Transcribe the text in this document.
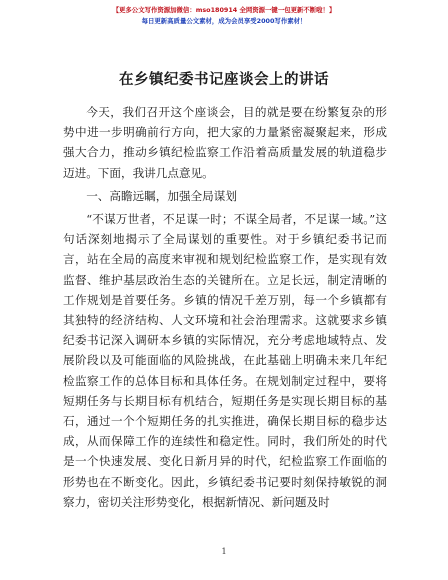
【更多公文写作资源加微信：mso180914 全网资源一键一包更新不断啦！】
每日更新高质量公文素材，成为会员享受2000写作素材！
在乡镇纪委书记座谈会上的讲话

今天，我们召开这个座谈会，目的就是要在纷繁复杂的形势中进一步明确前行方向，把大家的力量紧密凝聚起来，形成强大合力，推动乡镇纪检监察工作沿着高质量发展的轨道稳步迈进。下面，我讲几点意见。

一、高瞻远瞩，加强全局谋划

“不谋万世者，不足谋一时；不谋全局者，不足谋一域。”这句话深刻地揭示了全局谋划的重要性。对于乡镇纪委书记而言，站在全局的高度来审视和规划纪检监察工作，是实现有效监督、维护基层政治生态的关键所在。立足长远，制定清晰的工作规划是首要任务。乡镇的情况千差万别，每一个乡镇都有其独特的经济结构、人文环境和社会治理需求。这就要求乡镇纪委书记深入调研本乡镇的实际情况，充分考虑地域特点、发展阶段以及可能面临的风险挑战，在此基础上明确未来几年纪检监察工作的总体目标和具体任务。在规划制定过程中，要将短期任务与长期目标有机结合，短期任务是实现长期目标的基石，通过一个个短期任务的扎实推进，确保长期目标的稳步达成，从而保障工作的连续性和稳定性。同时，我们所处的时代是一个快速发展、变化日新月异的时代，纪检监察工作面临的形势也在不断变化。因此，乡镇纪委书记要时刻保持敏锐的洞察力，密切关注形势变化，根据新情况、新问题及时

1
